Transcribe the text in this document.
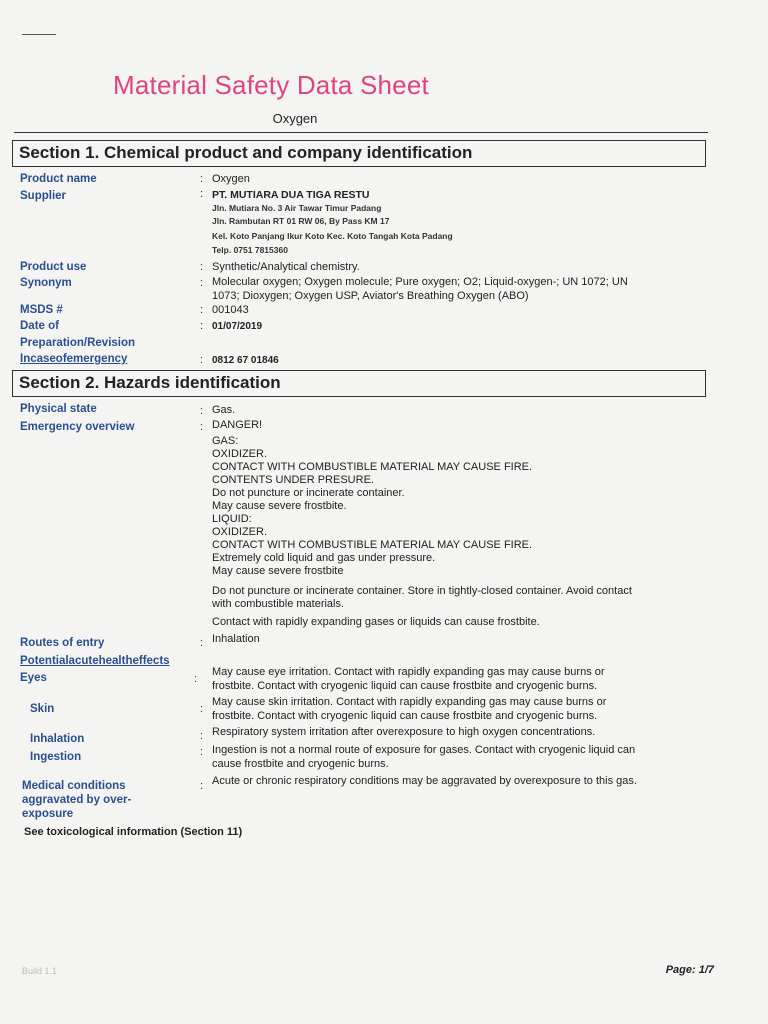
Material Safety Data Sheet
Oxygen
Section 1. Chemical product and company identification
Product name	: Oxygen
Supplier	: PT. MUTIARA DUA TIGA RESTU
Jln. Mutiara No. 3 Air Tawar Timur Padang
Jln. Rambutan RT 01 RW 06, By Pass KM 17
Kel. Koto Panjang Ikur Koto Kec. Koto Tangah Kota Padang
Telp. 0751 7815360
Product use	: Synthetic/Analytical chemistry.
Synonym	: Molecular oxygen; Oxygen molecule; Pure oxygen; O2; Liquid-oxygen-; UN 1072; UN
1073; Dioxygen; Oxygen USP, Aviator's Breathing Oxygen (ABO)
MSDS #	: 001043
Date of	: 01/07/2019
Preparation/Revision
Incaseofemergency	: 0812 67 01846
Section 2. Hazards identification
Physical state	: Gas.
Emergency overview	: DANGER!
GAS:
OXIDIZER.
CONTACT WITH COMBUSTIBLE MATERIAL MAY CAUSE FIRE.
CONTENTS UNDER PRESURE.
Do not puncture or incinerate container.
May cause severe frostbite.
LIQUID:
OXIDIZER.
CONTACT WITH COMBUSTIBLE MATERIAL MAY CAUSE FIRE.
Extremely cold liquid and gas under pressure.
May cause severe frostbite
Do not puncture or incinerate container. Store in tightly-closed container. Avoid contact
with combustible materials.
Contact with rapidly expanding gases or liquids can cause frostbite.
Routes of entry	: Inhalation
Potentialacutehealtheffects
Eyes	:
May cause eye irritation. Contact with rapidly expanding gas may cause burns or
frostbite. Contact with cryogenic liquid can cause frostbite and cryogenic burns.
Skin	:
May cause skin irritation. Contact with rapidly expanding gas may cause burns or
frostbite. Contact with cryogenic liquid can cause frostbite and cryogenic burns.
Inhalation	: Respiratory system irritation after overexposure to high oxygen concentrations.
Ingestion	: Ingestion is not a normal route of exposure for gases. Contact with cryogenic liquid can
cause frostbite and cryogenic burns.
Medical conditions
aggravated by over-
exposure
: Acute or chronic respiratory conditions may be aggravated by overexposure to this gas.
See toxicological information (Section 11)
Build 1.1	Page: 1/7
